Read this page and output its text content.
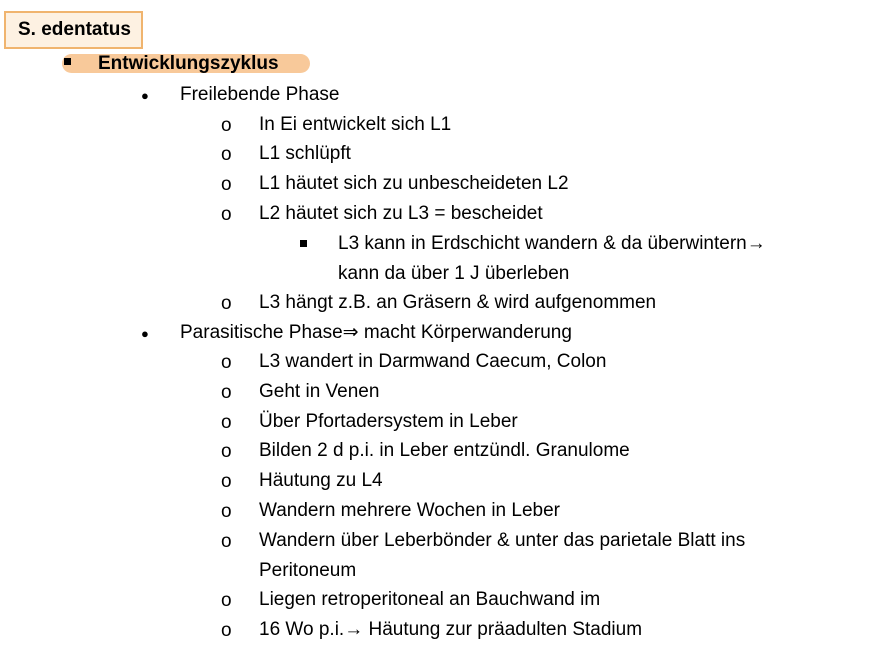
S. edentatus
Entwicklungszyklus
● Freilebende Phase
o In Ei entwickelt sich L1
o L1 schlüpft
o L1 häutet sich zu unbescheideten L2
o L2 häutet sich zu L3 = bescheidet
L3 kann in Erdschicht wandern & da überwintern→
kann da über 1 J überleben
o L3 hängt z.B. an Gräsern & wird aufgenommen
● Parasitische Phase⇒ macht Körperwanderung
o L3 wandert in Darmwand Caecum, Colon
o Geht in Venen
o Über Pfortadersystem in Leber
o Bilden 2 d p.i. in Leber entzündl. Granulome
o Häutung zu L4
o Wandern mehrere Wochen in Leber
o Wandern über Leberbönder & unter das parietale Blatt ins
Peritoneum
o Liegen retroperitoneal an Bauchwand im
o 16 Wo p.i.→ Häutung zur präadulten Stadium
